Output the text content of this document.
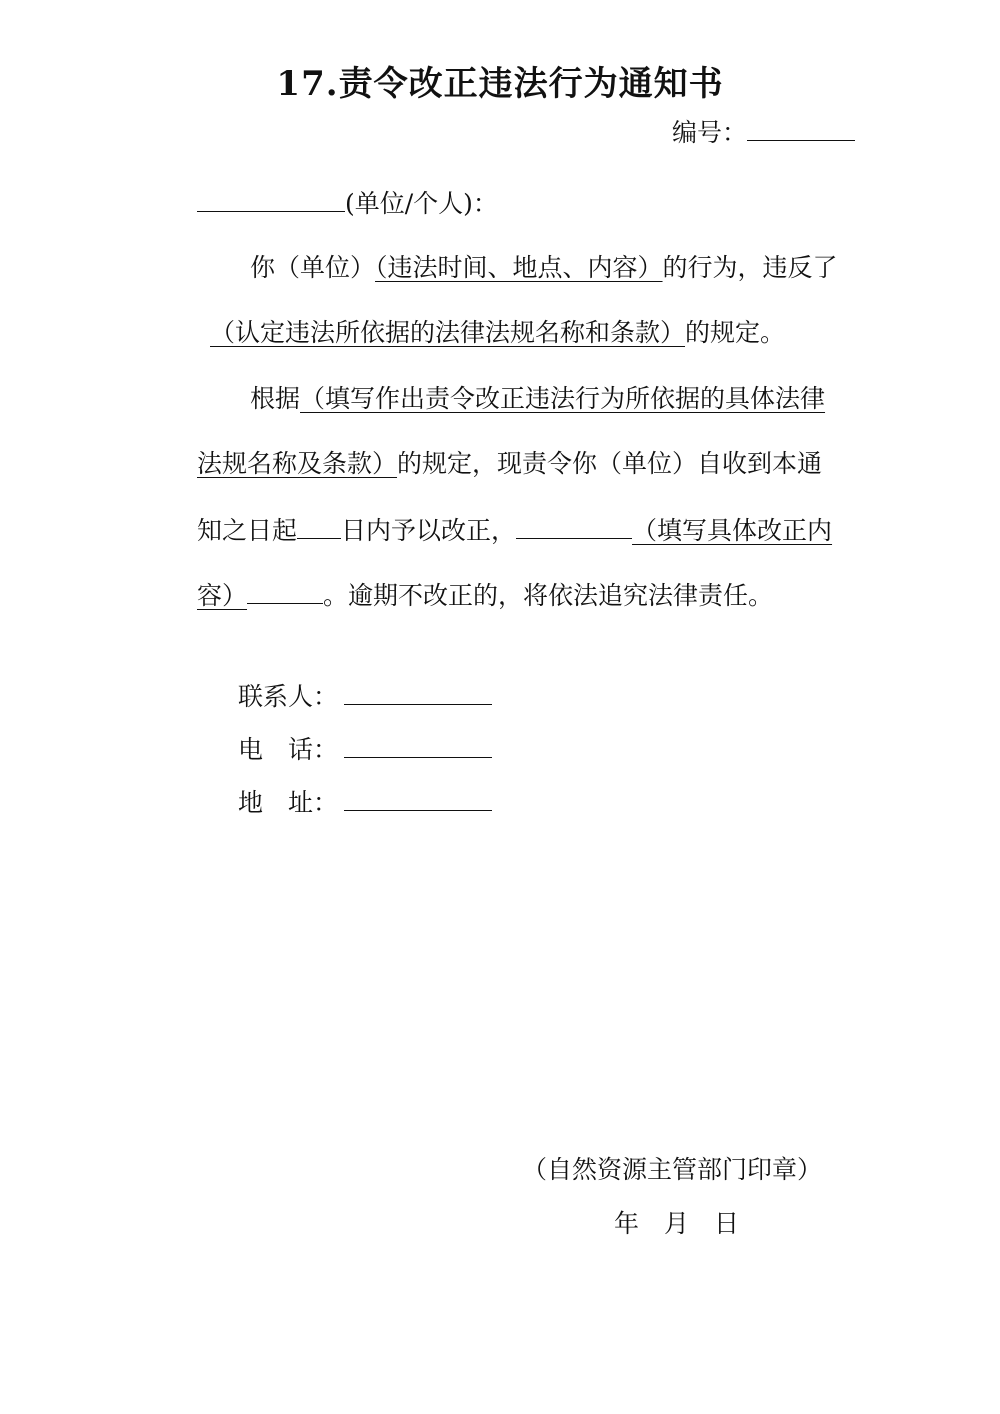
17.责令改正违法行为通知书
编号：
(单位/个人)：
你（单位）（违法时间、地点、内容）的行为，违反了
（认定违法所依据的法律法规名称和条款）的规定。
根据（填写作出责令改正违法行为所依据的具体法律
法规名称及条款）的规定，现责令你（单位）自收到本通
知之日起 日内予以改正，	（填写具体改正内
容）	。逾期不改正的，将依法追究法律责任。
联系人：
电　话：
地　址：
（自然资源主管部门印章）
年　月　日
